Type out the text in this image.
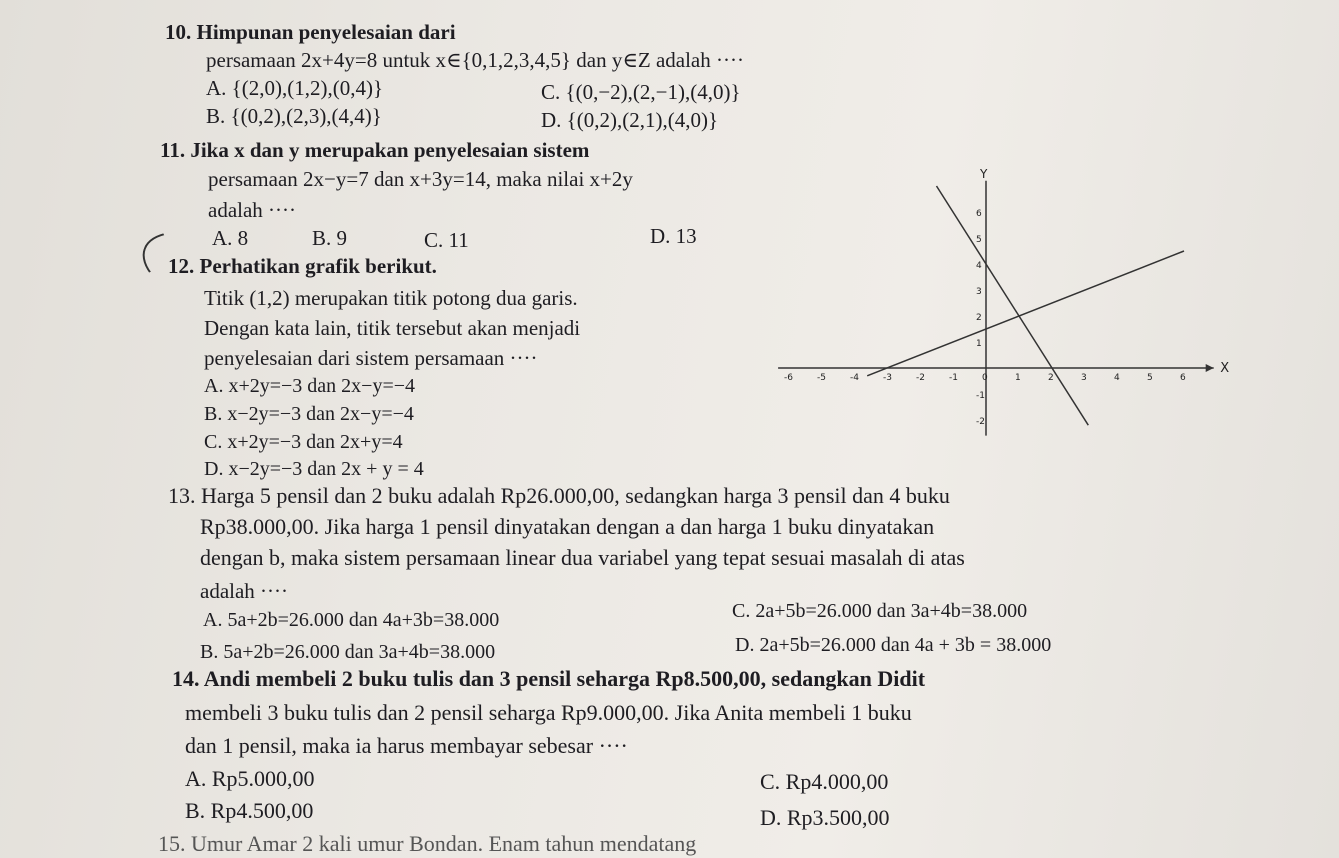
10. Himpunan penyelesaian dari
persamaan 2x+4y=8 untuk x∈{0,1,2,3,4,5} dan y∈Z adalah ····
A. {(2,0),(1,2),(0,4)}	C. {(0,−2),(2,−1),(4,0)}
B. {(0,2),(2,3),(4,4)}	D. {(0,2),(2,1),(4,0)}
11. Jika x dan y merupakan penyelesaian sistem
persamaan 2x−y=7 dan x+3y=14, maka nilai x+2y
adalah ····
A. 8	B. 9	C. 11	D. 13
12. Perhatikan grafik berikut.
Titik (1,2) merupakan titik potong dua garis.
Dengan kata lain, titik tersebut akan menjadi
penyelesaian dari sistem persamaan ····
A. x+2y=−3 dan 2x−y=−4
B. x−2y=−3 dan 2x−y=−4
C. x+2y=−3 dan 2x+y=4
D. x−2y=−3 dan 2x + y = 4
X
Y
-6	-5	-4	-3	-2	-1	0	1	2	3	4	5	6
6
5
4
3
2
1
-1
-2
13. Harga 5 pensil dan 2 buku adalah Rp26.000,00, sedangkan harga 3 pensil dan 4 buku
Rp38.000,00. Jika harga 1 pensil dinyatakan dengan a dan harga 1 buku dinyatakan
dengan b, maka sistem persamaan linear dua variabel yang tepat sesuai masalah di atas
adalah ····
A. 5a+2b=26.000 dan 4a+3b=38.000	C. 2a+5b=26.000 dan 3a+4b=38.000
B. 5a+2b=26.000 dan 3a+4b=38.000	D. 2a+5b=26.000 dan 4a + 3b = 38.000
14. Andi membeli 2 buku tulis dan 3 pensil seharga Rp8.500,00, sedangkan Didit
membeli 3 buku tulis dan 2 pensil seharga Rp9.000,00. Jika Anita membeli 1 buku
dan 1 pensil, maka ia harus membayar sebesar ····
A. Rp5.000,00	C. Rp4.000,00
B. Rp4.500,00	D. Rp3.500,00
15. Umur Amar 2 kali umur Bondan. Enam tahun mendatang
